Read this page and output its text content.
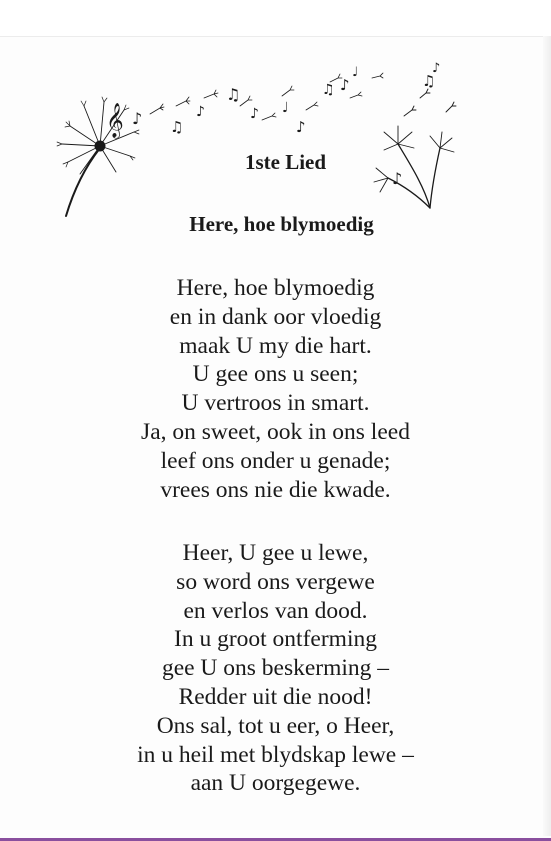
𝄞 ♪ ♫
♪
♫
♪ ♩
♪
♫ ♪
♩	♫
♪
♪
1ste Lied
Here, hoe blymoedig
Here, hoe blymoedig
en in dank oor vloedig
maak U my die hart.
U gee ons u seen;
U vertroos in smart.
Ja, on sweet, ook in ons leed
leef ons onder u genade;
vrees ons nie die kwade.
Heer, U gee u lewe,
so word ons vergewe
en verlos van dood.
In u groot ontferming
gee U ons beskerming –
Redder uit die nood!
Ons sal, tot u eer, o Heer,
in u heil met blydskap lewe –
aan U oorgegewe.
